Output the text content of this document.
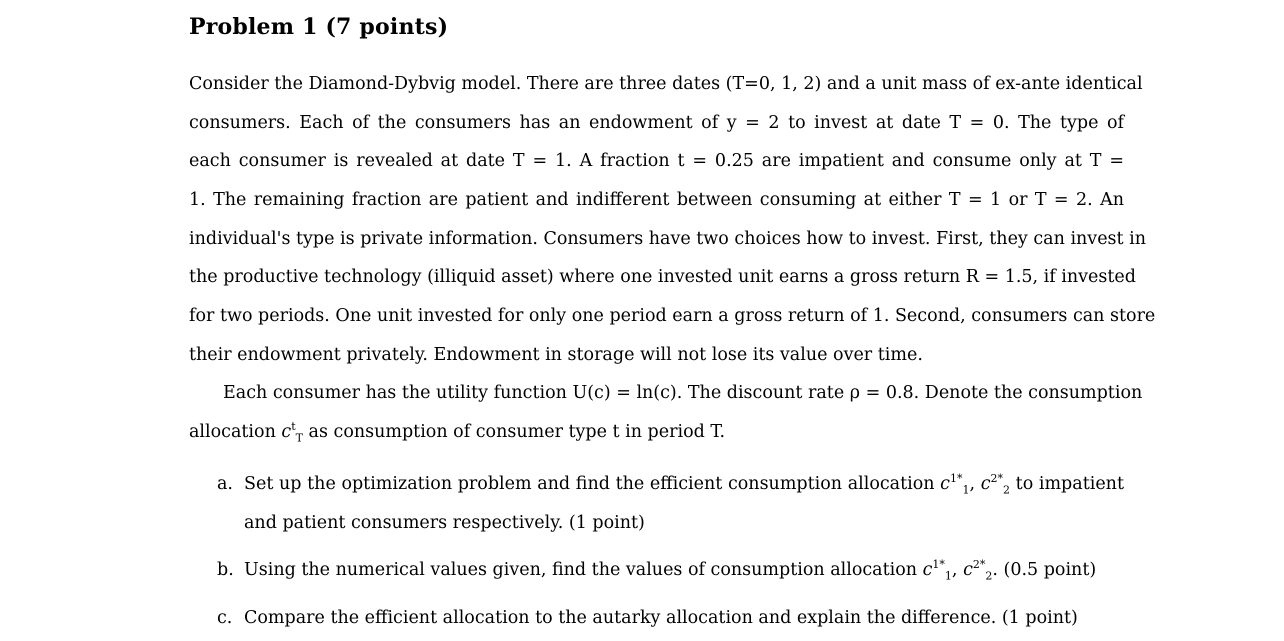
Problem 1 (7 points)
Consider the Diamond-Dybvig model. There are three dates (T=0, 1, 2) and a unit mass of ex-ante identical
consumers. Each of the consumers has an endowment of y = 2 to invest at date T = 0. The type of
each consumer is revealed at date T = 1. A fraction t = 0.25 are impatient and consume only at T =
1. The remaining fraction are patient and indifferent between consuming at either T = 1 or T = 2. An
individual's type is private information. Consumers have two choices how to invest. First, they can invest in
the productive technology (illiquid asset) where one invested unit earns a gross return R = 1.5, if invested
for two periods. One unit invested for only one period earn a gross return of 1. Second, consumers can store
their endowment privately. Endowment in storage will not lose its value over time.
Each consumer has the utility function U(c) = ln(c). The discount rate ρ = 0.8. Denote the consumption
allocation $c^t_T$ as consumption of consumer type t in period T.
a. Set up the optimization problem and find the efficient consumption allocation $c^{1*}_1$, $c^{2*}_2$ to impatient
and patient consumers respectively. (1 point)
b. Using the numerical values given, find the values of consumption allocation $c^{1*}_1$, $c^{2*}_2$. (0.5 point)
c. Compare the efficient allocation to the autarky allocation and explain the difference. (1 point)
